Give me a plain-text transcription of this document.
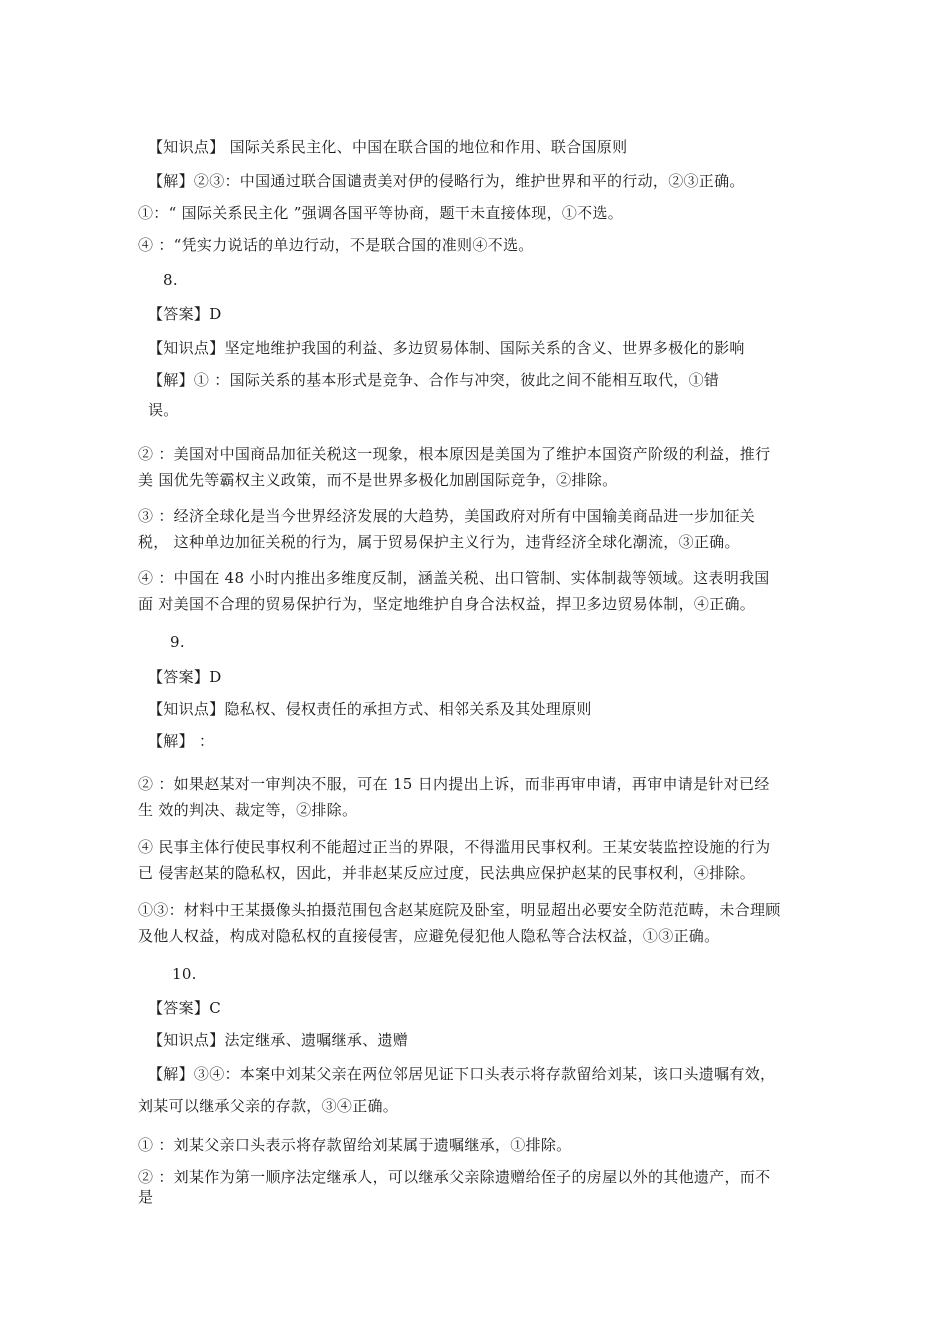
【知识点】 国际关系民主化、中国在联合国的地位和作用、联合国原则
【解】②③：中国通过联合国谴责美对伊的侵略行为，维护世界和平的行动，②③正确。
①：“ 国际关系民主化 ”强调各国平等协商，题干未直接体现，①不选。
④ ：“凭实力说话的单边行动，不是联合国的准则④不选。
8.
【答案】D
【知识点】坚定地维护我国的利益、多边贸易体制、国际关系的含义、世界多极化的影响
【解】① ：国际关系的基本形式是竞争、合作与冲突，彼此之间不能相互取代，①错
误。
② ：美国对中国商品加征关税这一现象，根本原因是美国为了维护本国资产阶级的利益，推行
美 国优先等霸权主义政策，而不是世界多极化加剧国际竞争，②排除。
③ ：经济全球化是当今世界经济发展的大趋势，美国政府对所有中国输美商品进一步加征关
税， 这种单边加征关税的行为，属于贸易保护主义行为，违背经济全球化潮流，③正确。
④ ：中国在 48 小时内推出多维度反制，涵盖关税、出口管制、实体制裁等领域。这表明我国
面 对美国不合理的贸易保护行为，坚定地维护自身合法权益，捍卫多边贸易体制，④正确。
9.
【答案】D
【知识点】隐私权、侵权责任的承担方式、相邻关系及其处理原则
【解】 ：
② ：如果赵某对一审判决不服，可在 15 日内提出上诉，而非再审申请，再审申请是针对已经
生 效的判决、裁定等，②排除。
④ 民事主体行使民事权利不能超过正当的界限，不得滥用民事权利。王某安装监控设施的行为
已 侵害赵某的隐私权，因此，并非赵某反应过度，民法典应保护赵某的民事权利，④排除。
①③：材料中王某摄像头拍摄范围包含赵某庭院及卧室，明显超出必要安全防范范畴，未合理顾
及他人权益，构成对隐私权的直接侵害，应避免侵犯他人隐私等合法权益，①③正确。
10.
【答案】C
【知识点】法定继承、遗嘱继承、遗赠
【解】③④：本案中刘某父亲在两位邻居见证下口头表示将存款留给刘某，该口头遗嘱有效，
刘某可以继承父亲的存款，③④正确。
① ：刘某父亲口头表示将存款留给刘某属于遗嘱继承，①排除。
② ：刘某作为第一顺序法定继承人，可以继承父亲除遗赠给侄子的房屋以外的其他遗产，而不
是
